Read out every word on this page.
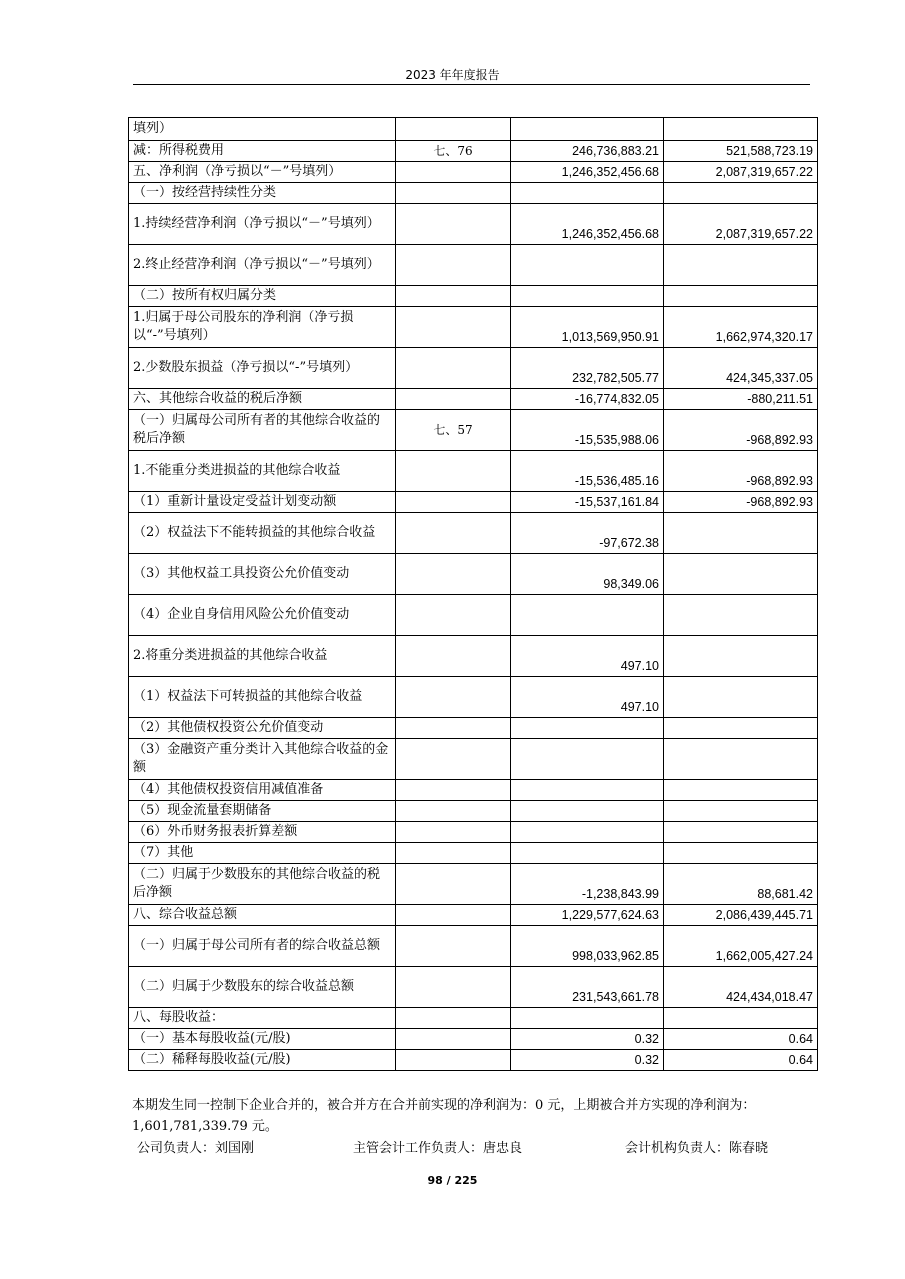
2023 年年度报告
填列）			
减：所得税费用	七、76	246,736,883.21	521,588,723.19
五、净利润（净亏损以“－”号填列）		1,246,352,456.68	2,087,319,657.22
（一）按经营持续性分类			
1.持续经营净利润（净亏损以“－”号填列）		1,246,352,456.68	2,087,319,657.22
2.终止经营净利润（净亏损以“－”号填列）			
（二）按所有权归属分类			
1.归属于母公司股东的净利润（净亏损以“-”号填列）		1,013,569,950.91	1,662,974,320.17
2.少数股东损益（净亏损以“-”号填列）		232,782,505.77	424,345,337.05
六、其他综合收益的税后净额		-16,774,832.05	-880,211.51
（一）归属母公司所有者的其他综合收益的税后净额	七、57	-15,535,988.06	-968,892.93
1.不能重分类进损益的其他综合收益		-15,536,485.16	-968,892.93
（1）重新计量设定受益计划变动额		-15,537,161.84	-968,892.93
（2）权益法下不能转损益的其他综合收益		-97,672.38	
（3）其他权益工具投资公允价值变动		98,349.06	
（4）企业自身信用风险公允价值变动			
2.将重分类进损益的其他综合收益		497.10	
（1）权益法下可转损益的其他综合收益		497.10	
（2）其他债权投资公允价值变动			
（3）金融资产重分类计入其他综合收益的金额			
（4）其他债权投资信用减值准备			
（5）现金流量套期储备			
（6）外币财务报表折算差额			
（7）其他			
（二）归属于少数股东的其他综合收益的税后净额		-1,238,843.99	88,681.42
八、综合收益总额		1,229,577,624.63	2,086,439,445.71
（一）归属于母公司所有者的综合收益总额		998,033,962.85	1,662,005,427.24
（二）归属于少数股东的综合收益总额		231,543,661.78	424,434,018.47
八、每股收益：			
（一）基本每股收益(元/股)		0.32	0.64
（二）稀释每股收益(元/股)		0.32	0.64
本期发生同一控制下企业合并的，被合并方在合并前实现的净利润为：0 元，上期被合并方实现的净利润为：1,601,781,339.79 元。
公司负责人：刘国刚	主管会计工作负责人：唐忠良	会计机构负责人：陈春晓
98 / 225
